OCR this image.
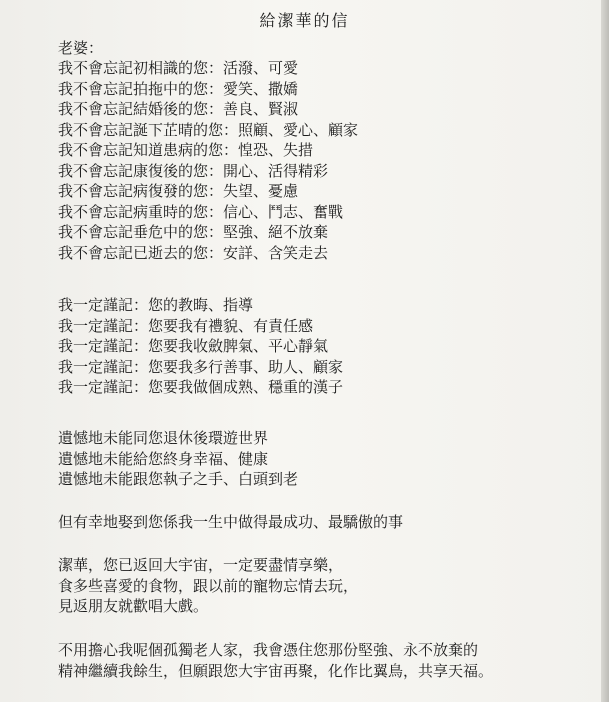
給潔華的信
老婆：
我不會忘記初相識的您：活潑、可愛
我不會忘記拍拖中的您：愛笑、撒嬌
我不會忘記結婚後的您：善良、賢淑
我不會忘記誕下芷晴的您：照顧、愛心、顧家
我不會忘記知道患病的您：惶恐、失措
我不會忘記康復後的您：開心、活得精彩
我不會忘記病復發的您：失望、憂慮
我不會忘記病重時的您：信心、鬥志、奮戰
我不會忘記垂危中的您：堅強、絕不放棄
我不會忘記已逝去的您：安詳、含笑走去
我一定謹記：您的教晦、指導
我一定謹記：您要我有禮貌、有責任感
我一定謹記：您要我收斂脾氣、平心靜氣
我一定謹記：您要我多行善事、助人、顧家
我一定謹記：您要我做個成熟、穩重的漢子
遺憾地未能同您退休後環遊世界
遺憾地未能給您終身幸福、健康
遺憾地未能跟您執子之手、白頭到老
但有幸地娶到您係我一生中做得最成功、最驕傲的事
潔華，您已返回大宇宙，一定要盡情享樂，
食多些喜愛的食物，跟以前的寵物忘情去玩，
見返朋友就歡唱大戲。
不用擔心我呢個孤獨老人家，我會憑住您那份堅強、永不放棄的
精神繼續我餘生，但願跟您大宇宙再聚，化作比翼鳥，共享天福。
